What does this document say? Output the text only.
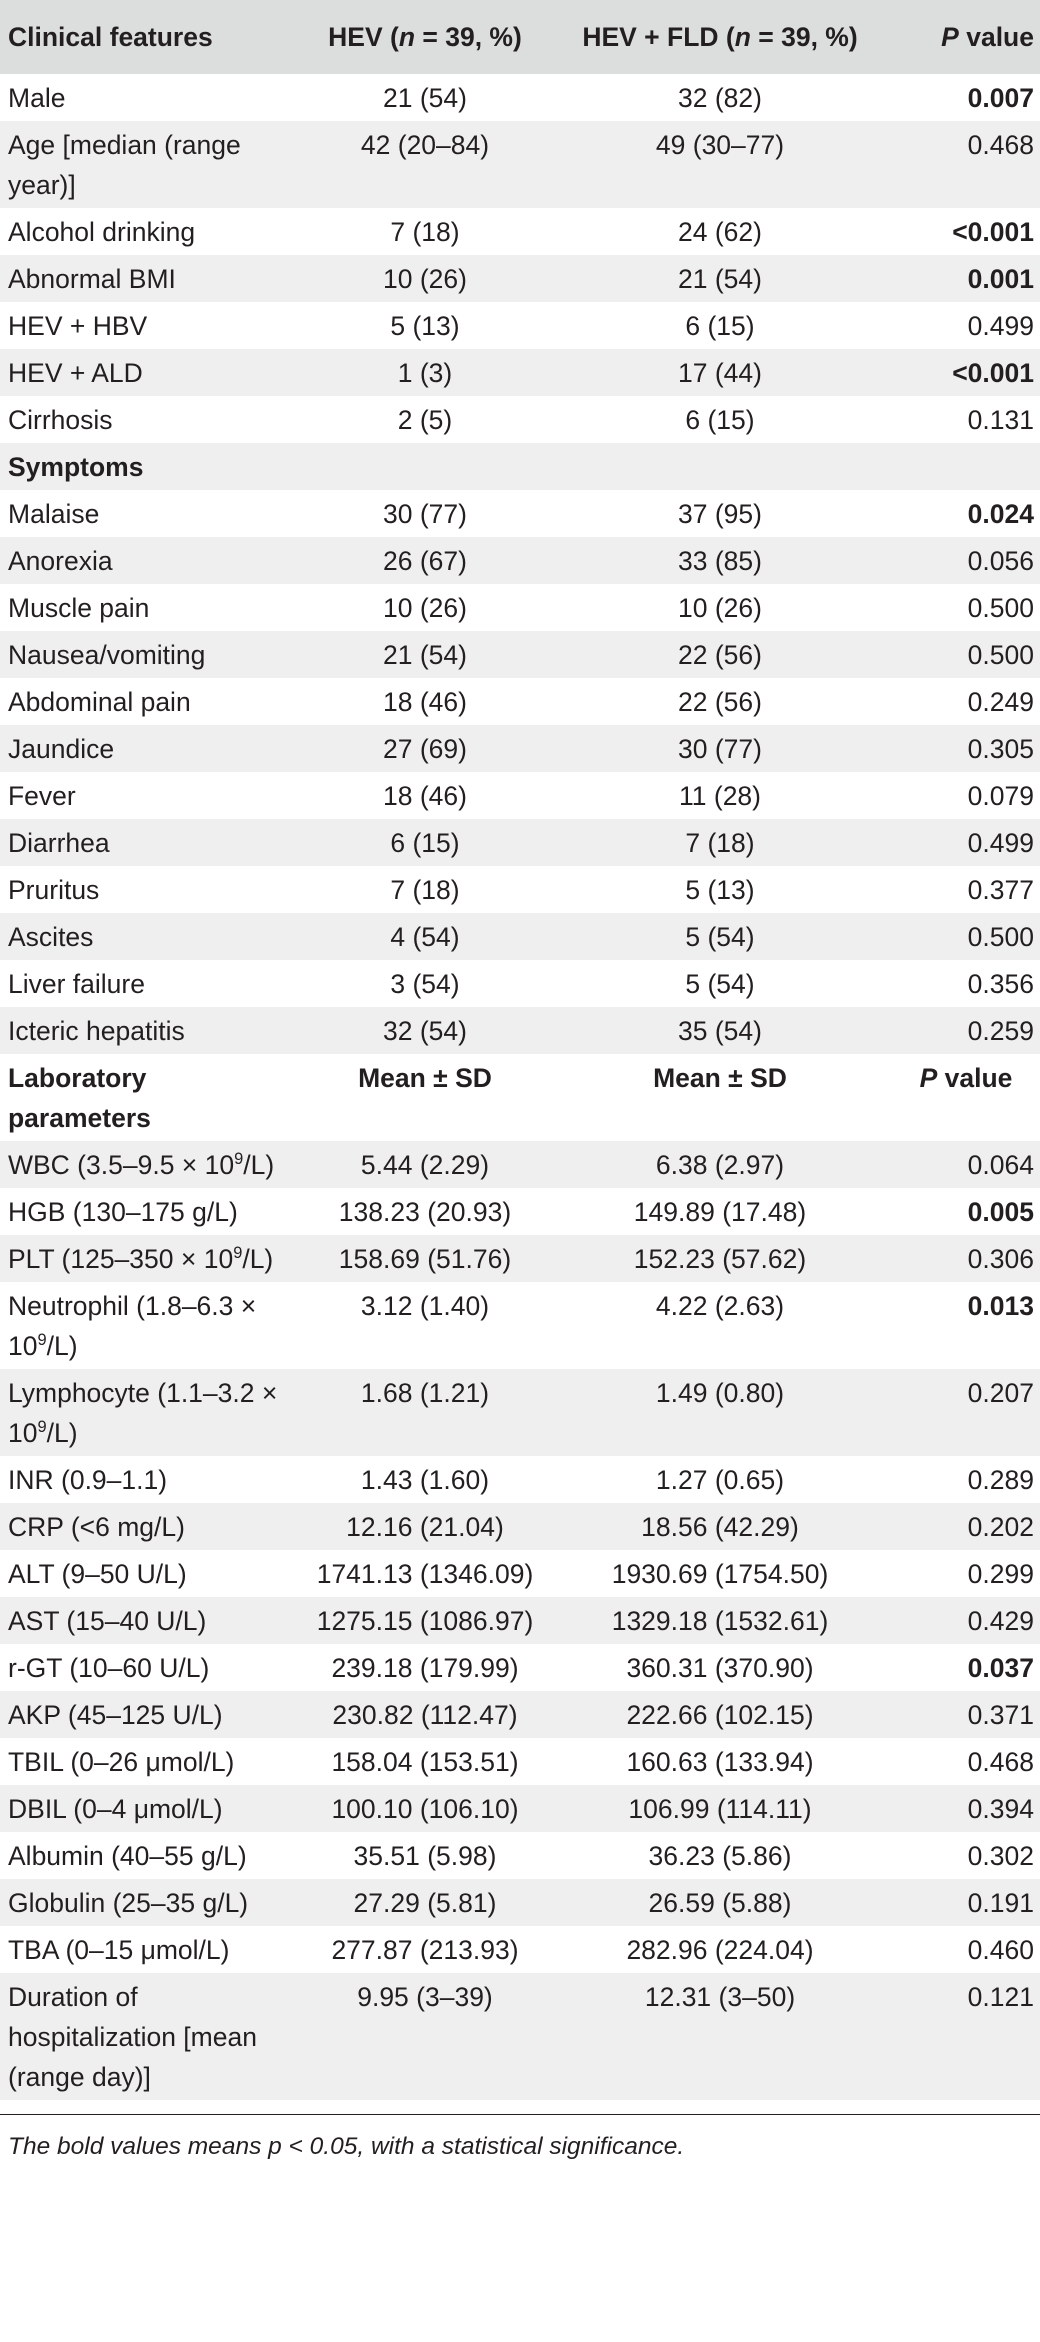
Clinical features	HEV (n = 39, %)	HEV + FLD (n = 39, %)	P value
Male	21 (54)	32 (82)	0.007
Age [median (range year)]	42 (20–84)	49 (30–77)	0.468
Alcohol drinking	7 (18)	24 (62)	<0.001
Abnormal BMI	10 (26)	21 (54)	0.001
HEV + HBV	5 (13)	6 (15)	0.499
HEV + ALD	1 (3)	17 (44)	<0.001
Cirrhosis	2 (5)	6 (15)	0.131
Symptoms			
Malaise	30 (77)	37 (95)	0.024
Anorexia	26 (67)	33 (85)	0.056
Muscle pain	10 (26)	10 (26)	0.500
Nausea/vomiting	21 (54)	22 (56)	0.500
Abdominal pain	18 (46)	22 (56)	0.249
Jaundice	27 (69)	30 (77)	0.305
Fever	18 (46)	11 (28)	0.079
Diarrhea	6 (15)	7 (18)	0.499
Pruritus	7 (18)	5 (13)	0.377
Ascites	4 (54)	5 (54)	0.500
Liver failure	3 (54)	5 (54)	0.356
Icteric hepatitis	32 (54)	35 (54)	0.259
Laboratory parameters	Mean ± SD	Mean ± SD	P value
WBC $(3.5-9.5 \times 10^9/L)$	5.44 (2.29)	6.38 (2.97)	0.064
HGB (130–175 g/L)	138.23 (20.93)	149.89 (17.48)	0.005
PLT $(125-350 \times 10^9/L)$	158.69 (51.76)	152.23 (57.62)	0.306
Neutrophil $(1.8-6.3 \times 10^9/L)$	3.12 (1.40)	4.22 (2.63)	0.013
Lymphocyte $(1.1-3.2 \times 10^9/L)$	1.68 (1.21)	1.49 (0.80)	0.207
INR (0.9–1.1)	1.43 (1.60)	1.27 (0.65)	0.289
CRP (<6 mg/L)	12.16 (21.04)	18.56 (42.29)	0.202
ALT (9–50 U/L)	1741.13 (1346.09)	1930.69 (1754.50)	0.299
AST (15–40 U/L)	1275.15 (1086.97)	1329.18 (1532.61)	0.429
r-GT (10–60 U/L)	239.18 (179.99)	360.31 (370.90)	0.037
AKP (45–125 U/L)	230.82 (112.47)	222.66 (102.15)	0.371
TBIL (0–26 μmol/L)	158.04 (153.51)	160.63 (133.94)	0.468
DBIL (0–4 μmol/L)	100.10 (106.10)	106.99 (114.11)	0.394
Albumin (40–55 g/L)	35.51 (5.98)	36.23 (5.86)	0.302
Globulin (25–35 g/L)	27.29 (5.81)	26.59 (5.88)	0.191
TBA (0–15 μmol/L)	277.87 (213.93)	282.96 (224.04)	0.460
Duration of hospitalization [mean (range day)]	9.95 (3–39)	12.31 (3–50)	0.121
The bold values means p < 0.05, with a statistical significance.
